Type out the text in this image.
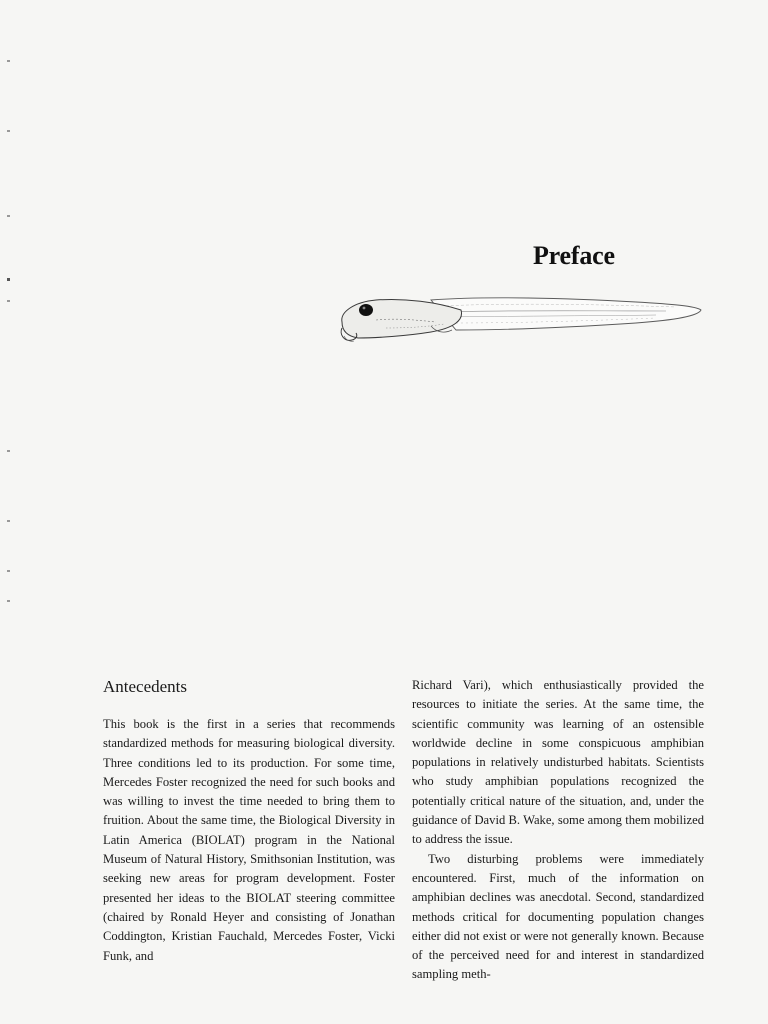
Preface
Antecedents

This book is the first in a series that recommends standardized methods for measuring biological diversity. Three conditions led to its production. For some time, Mercedes Foster recognized the need for such books and was willing to invest the time needed to bring them to fruition. About the same time, the Biological Diversity in Latin America (BIOLAT) program in the National Museum of Natural History, Smithsonian Institution, was seeking new areas for program development. Foster presented her ideas to the BIOLAT steering committee (chaired by Ronald Heyer and consisting of Jonathan Coddington, Kristian Fauchald, Mercedes Foster, Vicki Funk, and

Richard Vari), which enthusiastically provided the resources to initiate the series. At the same time, the scientific community was learning of an ostensible worldwide decline in some conspicuous amphibian populations in relatively undisturbed habitats. Scientists who study amphibian populations recognized the potentially critical nature of the situation, and, under the guidance of David B. Wake, some among them mobilized to address the issue.

Two disturbing problems were immediately encountered. First, much of the information on amphibian declines was anecdotal. Second, standardized methods critical for documenting population changes either did not exist or were not generally known. Because of the perceived need for and interest in standardized sampling meth-
